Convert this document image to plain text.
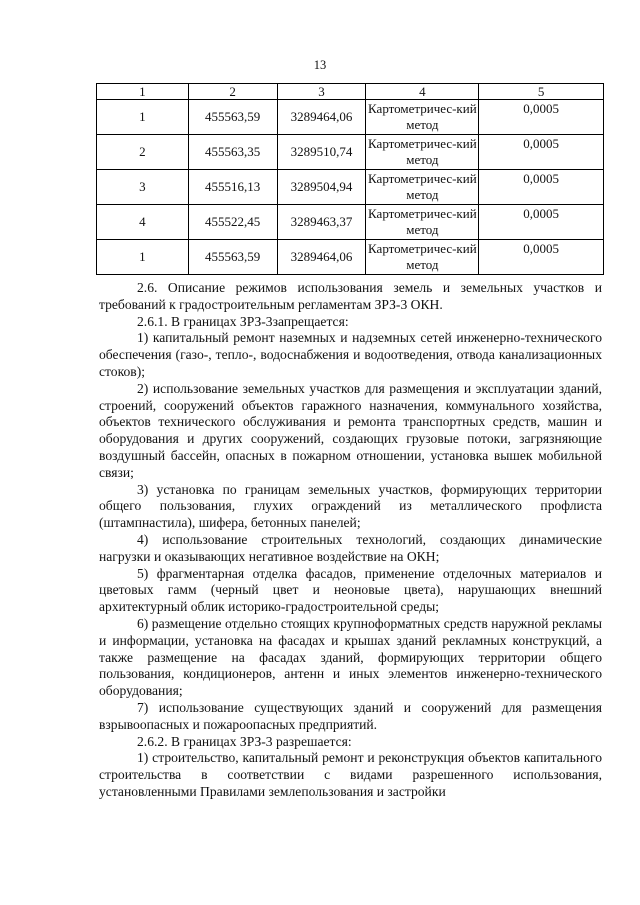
13
1	2	3	4	5
1	455563,59	3289464,06	Картометричес-кий метод	0,0005
2	455563,35	3289510,74	Картометричес-кий метод	0,0005
3	455516,13	3289504,94	Картометричес-кий метод	0,0005
4	455522,45	3289463,37	Картометричес-кий метод	0,0005
1	455563,59	3289464,06	Картометричес-кий метод	0,0005

2.6. Описание режимов использования земель и земельных участков и требований к градостроительным регламентам ЗРЗ-3 ОКН.

2.6.1. В границах ЗРЗ-3запрещается:

1) капитальный ремонт наземных и надземных сетей инженерно-технического обеспечения (газо-, тепло-, водоснабжения и водоотведения, отвода канализационных стоков);

2) использование земельных участков для размещения и эксплуатации зданий, строений, сооружений объектов гаражного назначения, коммунального хозяйства, объектов технического обслуживания и ремонта транспортных средств, машин и оборудования и других сооружений, создающих грузовые потоки, загрязняющие воздушный бассейн, опасных в пожарном отношении, установка вышек мобильной связи;

3) установка по границам земельных участков, формирующих территории общего пользования, глухих ограждений из металлического профлиста (штампнастила), шифера, бетонных панелей;

4) использование строительных технологий, создающих динамические нагрузки и оказывающих негативное воздействие на ОКН;

5) фрагментарная отделка фасадов, применение отделочных материалов и цветовых гамм (черный цвет и неоновые цвета), нарушающих внешний архитектурный облик историко-градостроительной среды;

6) размещение отдельно стоящих крупноформатных средств наружной рекламы и информации, установка на фасадах и крышах зданий рекламных конструкций, а также размещение на фасадах зданий, формирующих территории общего пользования, кондиционеров, антенн и иных элементов инженерно-технического оборудования;

7) использование существующих зданий и сооружений для размещения взрывоопасных и пожароопасных предприятий.

2.6.2. В границах ЗРЗ-3 разрешается:

1) строительство, капитальный ремонт и реконструкция объектов капитального строительства в соответствии с видами разрешенного использования, установленными Правилами землепользования и застройки
